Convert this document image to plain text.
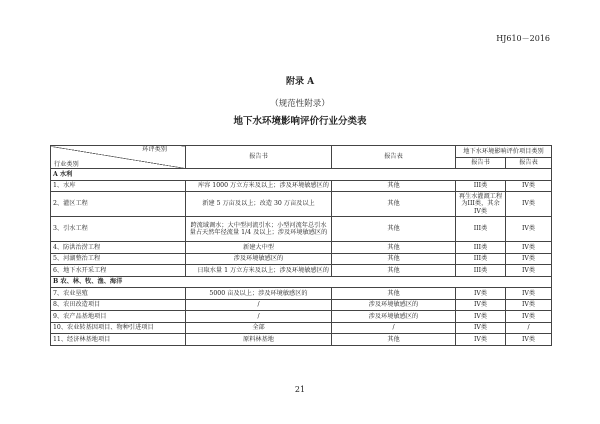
HJ610－2016
附录 A
（规范性附录）
地下水环境影响评价行业分类表
环评类别
行业类别	报告书	报告表	地下水环境影响评价项目类别	
			报告书	报告表
A 水利				
1、水库	库容 1000 万立方米及以上；涉及环境敏感区的	其他	III类	IV类
2、灌区工程	新建 5 万亩及以上；改造 30 万亩及以上	其他	再生水灌溉工程为III类，其余IV类	IV类
3、引水工程	跨流域调水；大中型河流引水；小型河流年总引水量占天然年径流量 1/4 及以上；涉及环境敏感区的	其他	III类	IV类
4、防洪治涝工程	新建大中型	其他	III类	IV类
5、河湖整治工程	涉及环境敏感区的	其他	III类	IV类
6、地下水开采工程	日取水量 1 万立方米及以上；涉及环境敏感区的	其他	III类	IV类
B 农、林、牧、渔、海洋				
7、农业垦殖	5000 亩及以上；涉及环境敏感区的	其他	IV类	IV类
8、农田改造项目	/	涉及环境敏感区的	IV类	IV类
9、农产品基地项目	/	涉及环境敏感区的	IV类	IV类
10、农业转基因项目、物种引进项目	全部	/	IV类	/
11、经济林基地项目	原料林基地	其他	IV类	IV类
21
